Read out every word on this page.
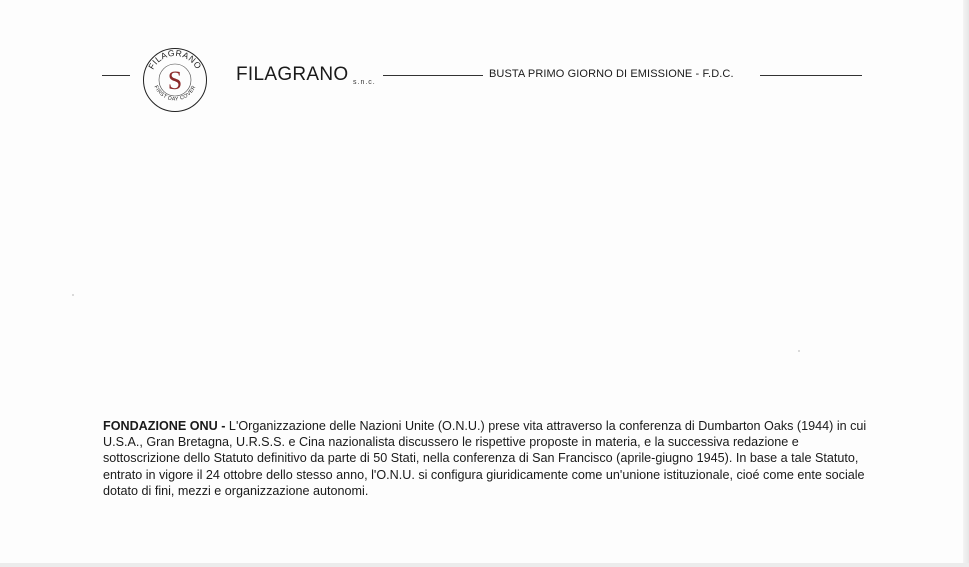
FILAGRANO
FIRST DAY COVER
S	FILAGRANO s.n.c.
BUSTA PRIMO GIORNO DI EMISSIONE - F.D.C.
FONDAZIONE ONU - L'Organizzazione delle Nazioni Unite (O.N.U.) prese vita attraverso la conferenza di Dumbarton Oaks (1944) in cui U.S.A., Gran Bretagna, U.R.S.S. e Cina nazionalista discussero le rispettive proposte in materia, e la successiva redazione e sottoscrizione dello Statuto definitivo da parte di 50 Stati, nella conferenza di San Francisco (aprile-giugno 1945). In base a tale Statuto, entrato in vigore il 24 ottobre dello stesso anno, l'O.N.U. si configura giuridicamente come un'unione istituzionale, cioé come ente sociale dotato di fini, mezzi e organizzazione autonomi.
